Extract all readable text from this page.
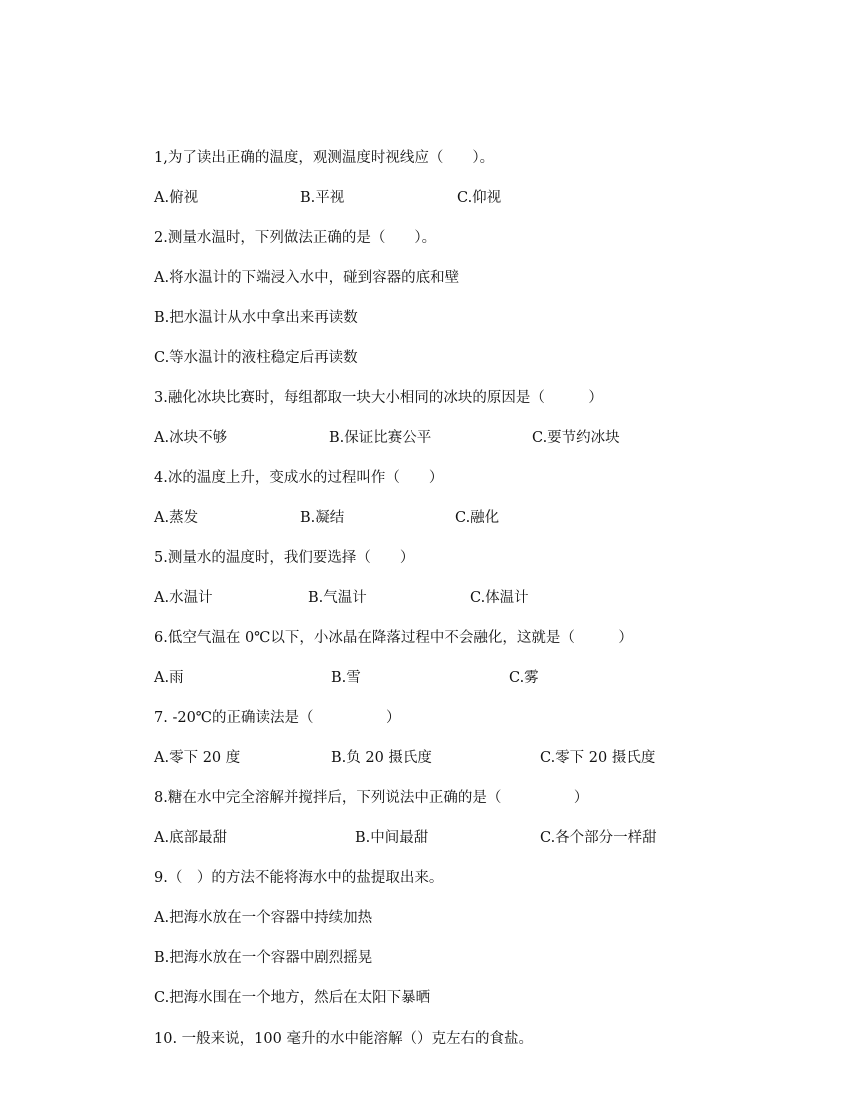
1,为了读出正确的温度，观测温度时视线应（　　）。
A.俯视	B.平视	C.仰视
2.测量水温时，下列做法正确的是（　　）。
A.将水温计的下端浸入水中，碰到容器的底和壁
B.把水温计从水中拿出来再读数
C.等水温计的液柱稳定后再读数
3.融化冰块比赛时，每组都取一块大小相同的冰块的原因是（　　　）
A.冰块不够	B.保证比赛公平	C.要节约冰块
4.冰的温度上升，变成水的过程叫作（　　）
A.蒸发	B.凝结	C.融化
5.测量水的温度时，我们要选择（　　）
A.水温计	B.气温计	C.体温计
6.低空气温在 0℃以下，小冰晶在降落过程中不会融化，这就是（　　　）
A.雨	B.雪	C.雾
7. -20℃的正确读法是（　　　　　）
A.零下 20 度	B.负 20 摄氏度	C.零下 20 摄氏度
8.糖在水中完全溶解并搅拌后，下列说法中正确的是（　　　　　）
A.底部最甜	B.中间最甜	C.各个部分一样甜
9.（　）的方法不能将海水中的盐提取出来。
A.把海水放在一个容器中持续加热
B.把海水放在一个容器中剧烈摇晃
C.把海水围在一个地方，然后在太阳下暴晒
10. 一般来说，100 毫升的水中能溶解（）克左右的食盐。
